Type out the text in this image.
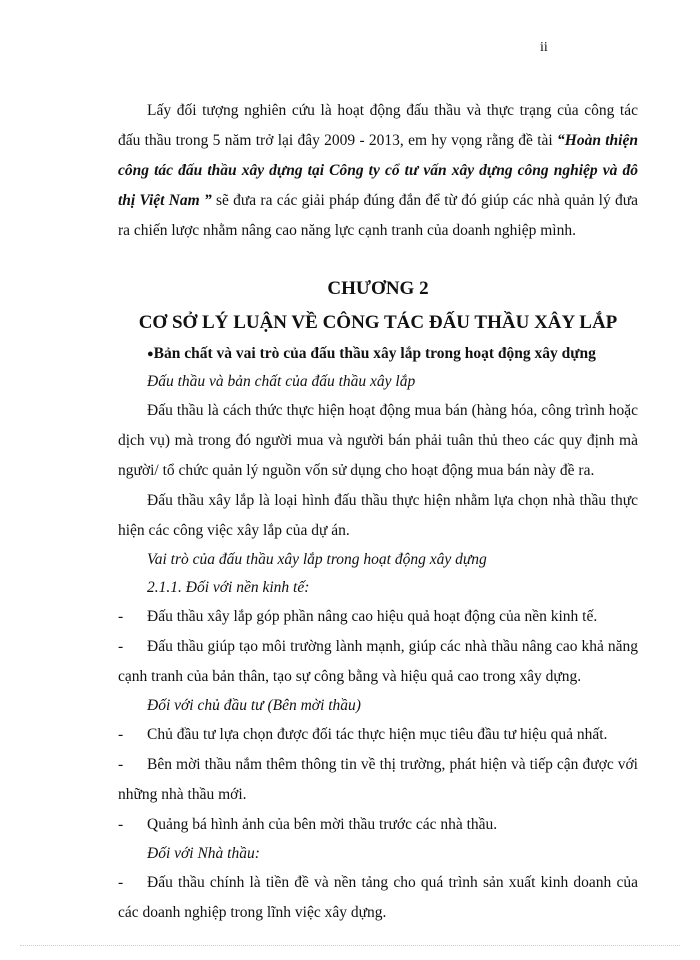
ii

Lấy đối tượng nghiên cứu là hoạt động đấu thầu và thực trạng của công tác đấu thầu trong 5 năm trở lại đây 2009 - 2013, em hy vọng rằng đề tài “Hoàn thiện công tác đấu thầu xây dựng tại Công ty cổ tư vấn xây dựng công nghiệp và đô thị Việt Nam ” sẽ đưa ra các giải pháp đúng đắn để từ đó giúp các nhà quản lý đưa ra chiến lược nhằm nâng cao năng lực cạnh tranh của doanh nghiệp mình.

CHƯƠNG 2

CƠ SỞ LÝ LUẬN VỀ CÔNG TÁC ĐẤU THẦU XÂY LẮP

●Bản chất và vai trò của đấu thầu xây lắp trong hoạt động xây dựng

Đấu thầu và bản chất của đấu thầu xây lắp

Đấu thầu là cách thức thực hiện hoạt động mua bán (hàng hóa, công trình hoặc dịch vụ) mà trong đó người mua và người bán phải tuân thủ theo các quy định mà người/ tổ chức quản lý nguồn vốn sử dụng cho hoạt động mua bán này đề ra.

Đấu thầu xây lắp là loại hình đấu thầu thực hiện nhằm lựa chọn nhà thầu thực hiện các công việc xây lắp của dự án.

Vai trò của đấu thầu xây lắp trong hoạt động xây dựng

2.1.1. Đối với nền kinh tế:

- Đấu thầu xây lắp góp phần nâng cao hiệu quả hoạt động của nền kinh tế.

- Đấu thầu giúp tạo môi trường lành mạnh, giúp các nhà thầu nâng cao khả năng cạnh tranh của bản thân, tạo sự công bằng và hiệu quả cao trong xây dựng.

Đối với chủ đầu tư (Bên mời thầu)

- Chủ đầu tư lựa chọn được đối tác thực hiện mục tiêu đầu tư hiệu quả nhất.

- Bên mời thầu nắm thêm thông tin về thị trường, phát hiện và tiếp cận được với những nhà thầu mới.

- Quảng bá hình ảnh của bên mời thầu trước các nhà thầu.

Đối với Nhà thầu:

- Đấu thầu chính là tiền đề và nền tảng cho quá trình sản xuất kinh doanh của các doanh nghiệp trong lĩnh việc xây dựng.
